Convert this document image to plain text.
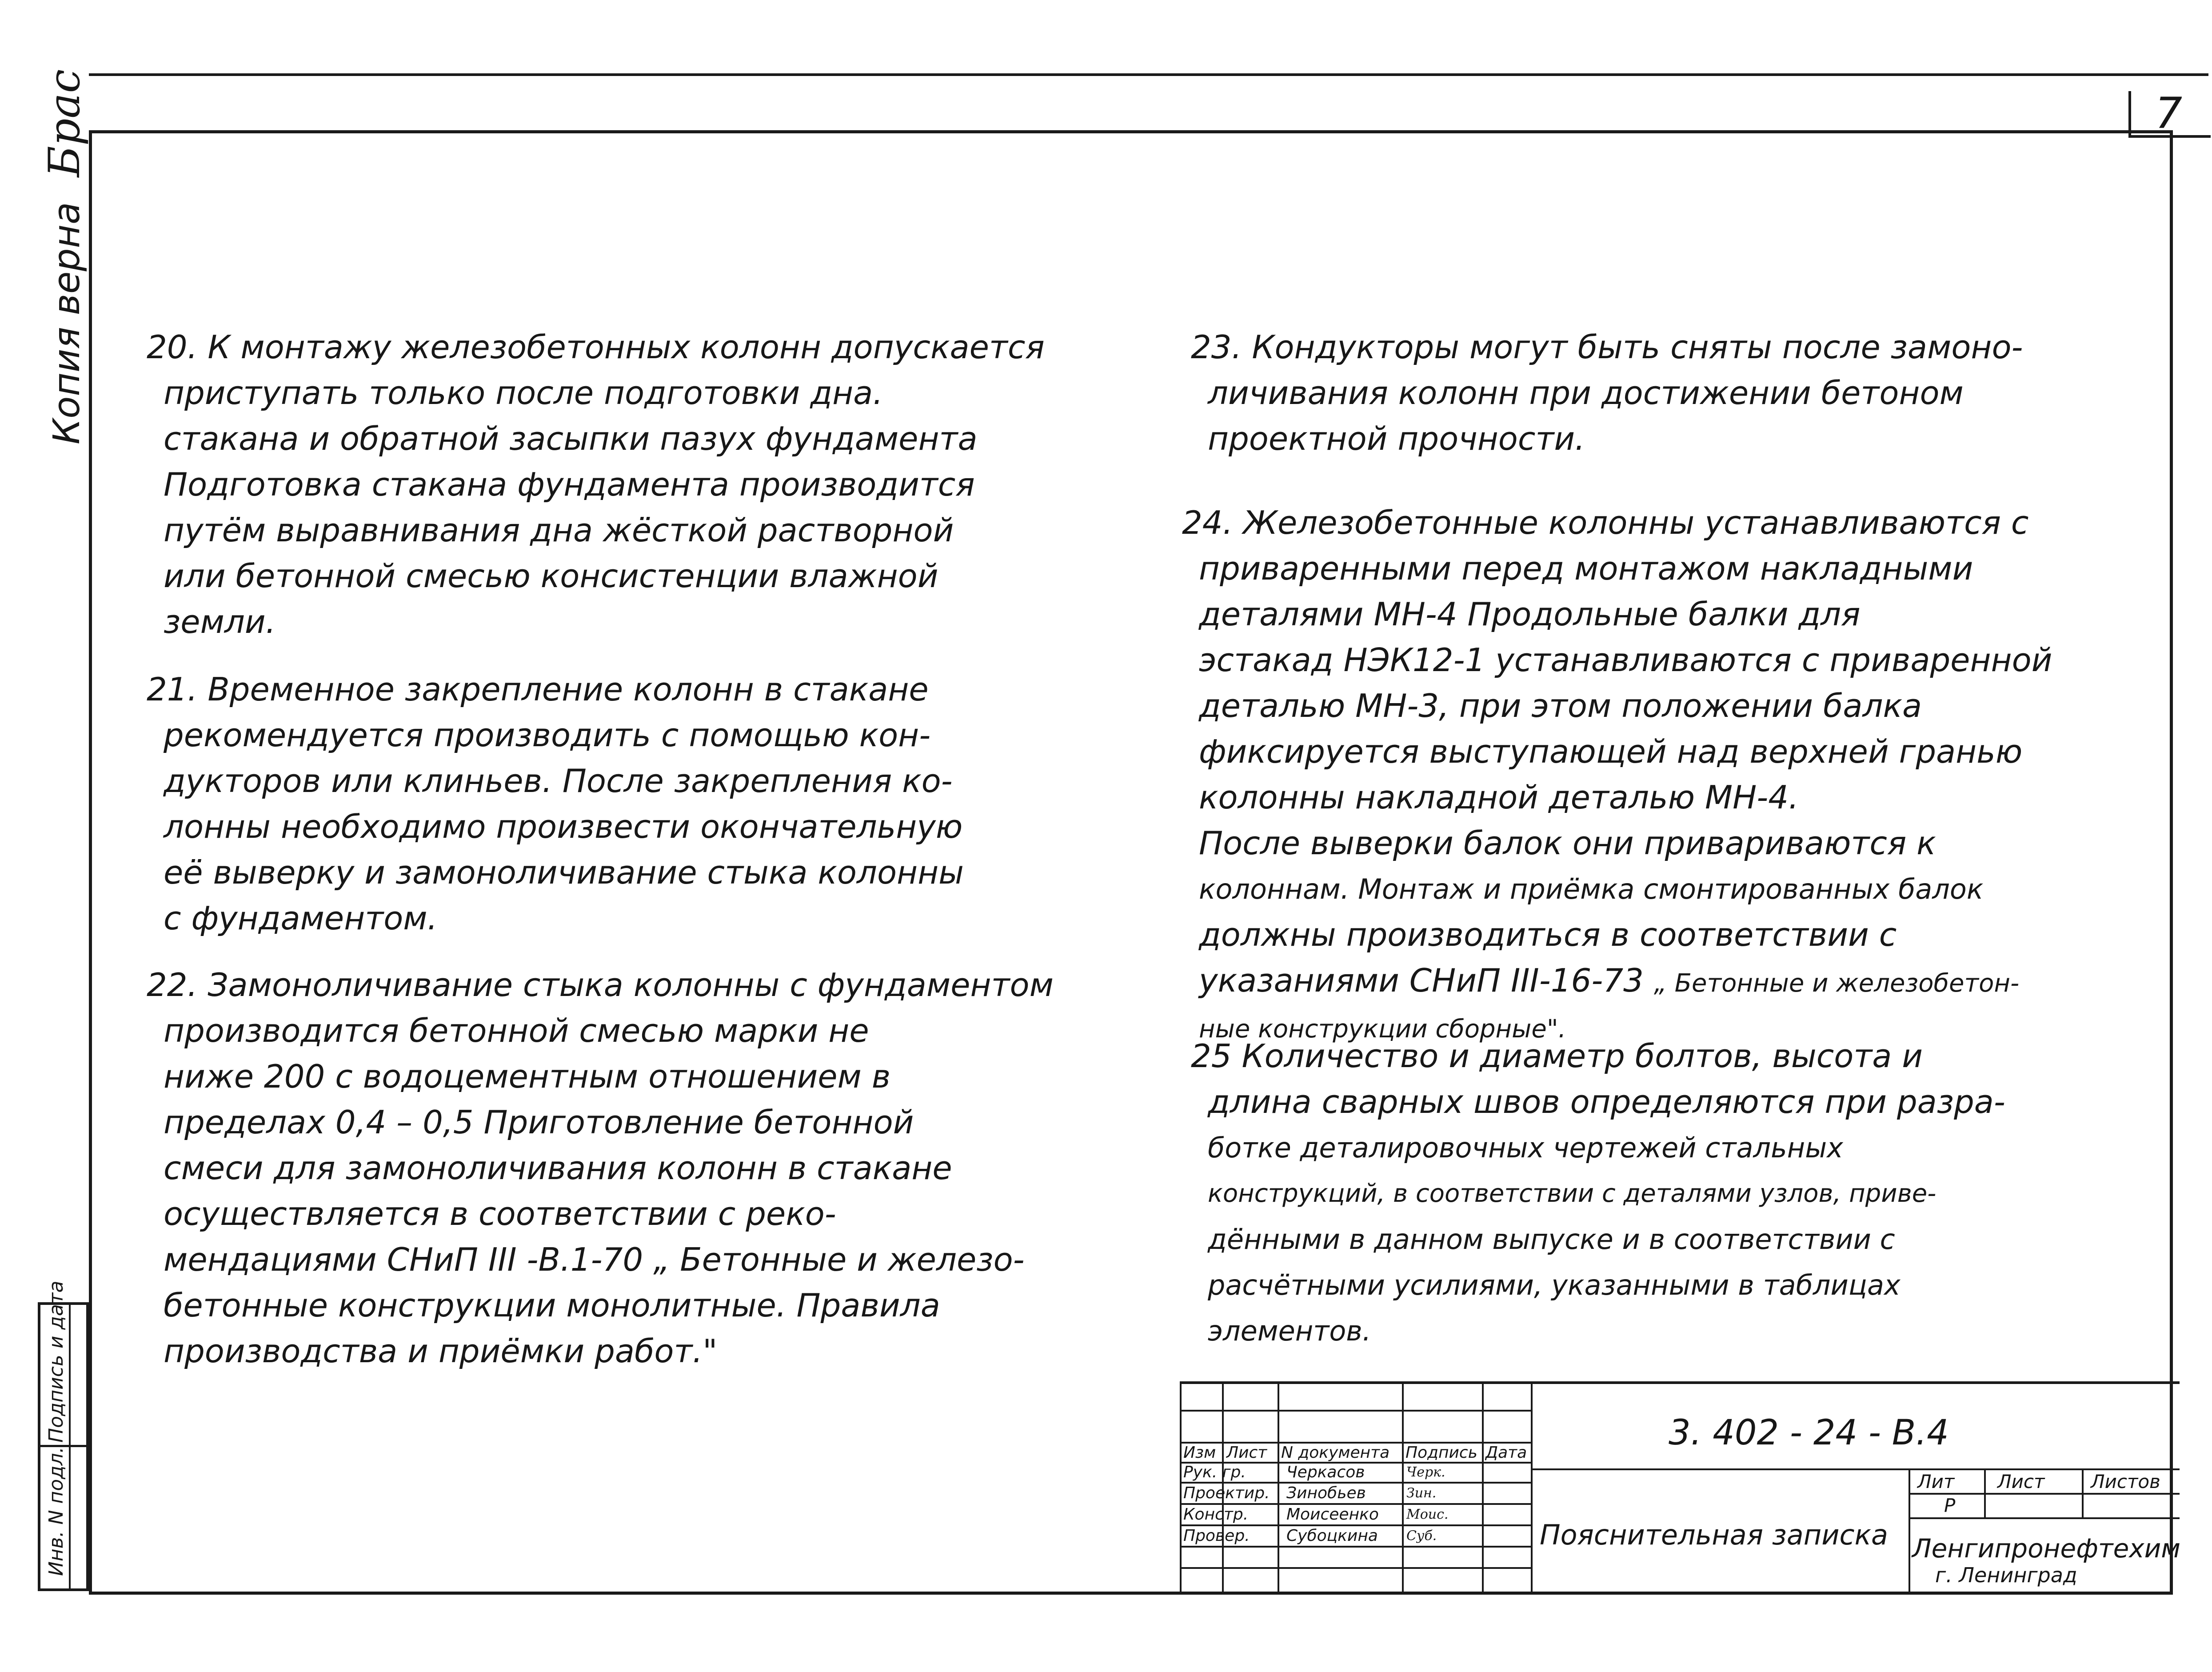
7
Копия верна Брас
Подпись и дата
Инв. N подл.
20. К монтажу железобетонных колонн допускается
приступать только после подготовки дна.
стакана и обратной засыпки пазух фундамента
Подготовка стакана фундамента производится
путём выравнивания дна жёсткой растворной
или бетонной смесью консистенции влажной
земли.
21. Временное закрепление колонн в стакане
рекомендуется производить с помощью кон-
дукторов или клиньев. После закрепления ко-
лонны необходимо произвести окончательную
её выверку и замоноличивание стыка колонны
с фундаментом.
22. Замоноличивание стыка колонны с фундаментом
производится бетонной смесью марки не
ниже 200 с водоцементным отношением в
пределах 0,4 – 0,5 Приготовление бетонной
смеси для замоноличивания колонн в стакане
осуществляется в соответствии с реко-
мендациями СНиП III -В.1-70 „ Бетонные и железо-
бетонные конструкции монолитные. Правила
производства и приёмки работ."
23. Кондукторы могут быть сняты после замоно-
личивания колонн при достижении бетоном
проектной прочности.
24. Железобетонные колонны устанавливаются с
приваренными перед монтажом накладными
деталями МН-4 Продольные балки для
эстакад НЭК12-1 устанавливаются с приваренной
деталью МН-3, при этом положении балка
фиксируется выступающей над верхней гранью
колонны накладной деталью МН-4.
После выверки балок они привариваются к
колоннам. Монтаж и приёмка смонтированных балок
должны производиться в соответствии с
указаниями СНиП III-16-73 „ Бетонные и железобетон-
ные конструкции сборные".
25 Количество и диаметр болтов, высота и
длина сварных швов определяются при разра-
ботке деталировочных чертежей стальных
конструкций, в соответствии с деталями узлов, приве-
дёнными в данном выпуске и в соответствии с
расчётными усилиями, указанными в таблицах
элементов.
Изм Лист N документа Подпись Дата
Рук. гр.	Черкасов	Черк.
Проектир. Зинобьев	Зин.
Констр. Моисеенко Моис.
Провер. Субоцкина Суб.
3. 402 - 24 - В.4
Пояснительная записка
Лит Лист Листов
Р
Ленгипронефтехим
г. Ленинград
